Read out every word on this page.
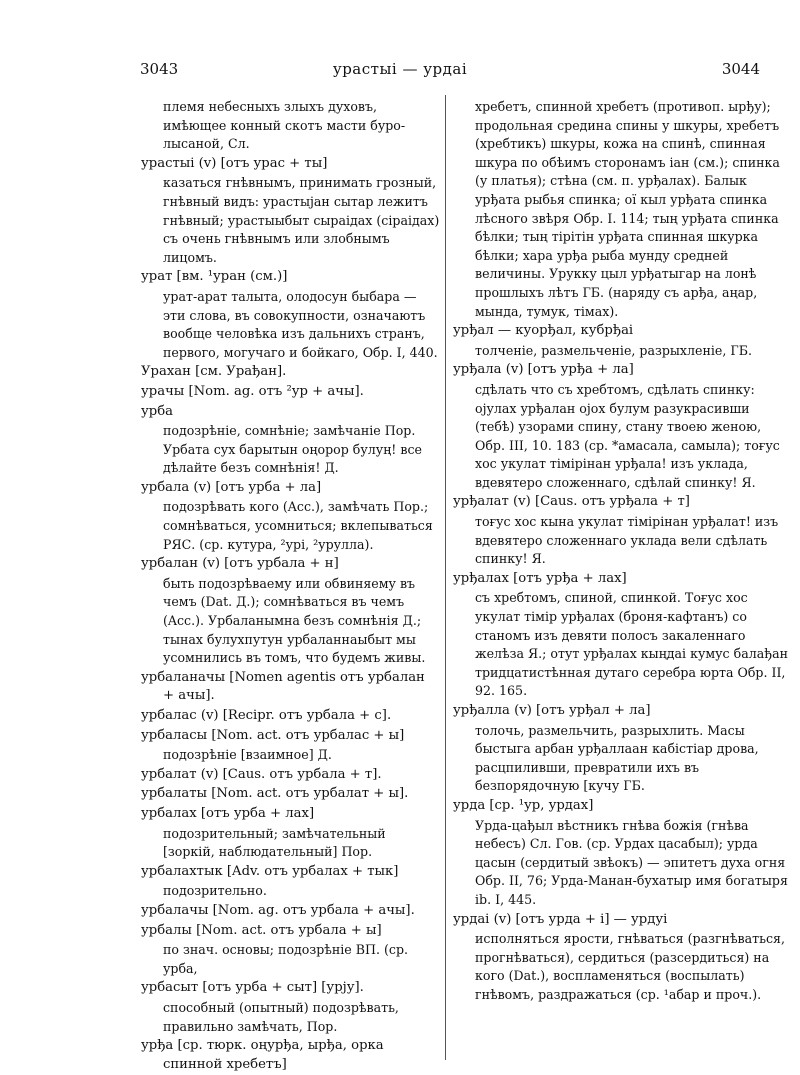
3043	урастыі — урдаі	3044
племя небесныхъ злыхъ духовъ, имѣющее конный скотъ масти буро-лысаной, Сл.
урастыі (v) [отъ урас + ты]
казаться гнѣвнымъ, принимать грозный, гнѣвный видъ: урастыјан сытар лежитъ гнѣвный; урастыыбыт сыраідах (сіраідах) съ очень гнѣвнымъ или злобнымъ лицомъ.
урат [вм. ¹уран (см.)]
урат-арат талыта, олодосун быбара — эти слова, въ совокупности, означаютъ вообще человѣка изъ дальнихъ странъ, первого, могучаго и бойкаго, Обр. І, 440.
Урахан [см. Урађан].
урачы [Nom. ag. отъ ²ур + ачы].
урба
подозрѣніе, сомнѣніе; замѣчаніе Пор. Урбата сух барытын оңорор булуң! все дѣлайте безъ сомнѣнія! Д.
урбала (v) [отъ урба + ла]
подозрѣвать кого (Acc.), замѣчать Пор.; сомнѣваться, усомниться; вклепываться РЯС. (ср. кутура, ²урі, ²урулла).
урбалан (v) [отъ урбала + н]
быть подозрѣваему или обвиняему въ чемъ (Dat. Д.); сомнѣваться въ чемъ (Acc.). Урбаланымна безъ сомнѣнія Д.; тынах булухпутун урбаланнаыбыт мы усомнились въ томъ, что будемъ живы.
урбаланачы [Nomen agentis отъ урбалан + ачы].
урбалас (v) [Recipr. отъ урбала + с].
урбаласы [Nom. act. отъ урбалас + ы]
подозрѣніе [взаимное] Д.
урбалат (v) [Caus. отъ урбала + т].
урбалаты [Nom. act. отъ урбалат + ы].
урбалах [отъ урба + лах]
подозрительный; замѣчательный [зоркій, наблюдательный] Пор.
урбалахтык [Adv. отъ урбалах + тык]
подозрительно.
урбалачы [Nom. ag. отъ урбала + ачы].
урбалы [Nom. act. отъ урбала + ы]
по знач. основы; подозрѣніе ВП. (ср. урба,
урбасыт [отъ урба + сыт] [урју].
способный (опытный) подозрѣвать, правильно замѣчать, Пор.
урђа [ср. тюрк. оңурђа, ырђа, орка спинной хребетъ]
хребетъ, спинной хребетъ (противоп. ырђу); продольная средина спины у шкуры, хребетъ (хребтикъ) шкуры, кожа на спинѣ, спинная шкура по обѣимъ сторонамъ іан (см.); спинка (у платья); стѣна (см. п. урђалах). Балык урђата рыбья спинка; ої кыл урђата спинка лѣсного звѣря Обр. І. 114; тың урђата спинка бѣлки; тың тірітін урђата спинная шкурка бѣлки; хара урђа рыба мунду средней величины. Урукку цыл урђатыгар на лонѣ прошлыхъ лѣтъ ГБ. (наряду съ арђа, аңар, мында, тумук, тімах).
урђал — куорђал, кубрђаі
толченіе, размельченіе, разрыхленіе, ГБ.
урђала (v) [отъ урђа + ла]
сдѣлать что съ хребтомъ, сдѣлать спинку: ојулах урђалан ојох булум разукрасивши (тебѣ) узорами спину, стану твоею женою, Обр. ІІІ, 10. 183 (ср. *амасала, самыла); тоғус хос укулат тімірінан урђала! изъ уклада, вдевятеро сложеннаго, сдѣлай спинку! Я.
урђалат (v) [Caus. отъ урђала + т]
тоғус хос кына укулат тімірінан урђалат! изъ вдевятеро сложеннаго уклада вели сдѣлать спинку! Я.
урђалах [отъ урђа + лах]
съ хребтомъ, спиной, спинкой. Тоғус хос укулат тімір урђалах (броня-кафтанъ) со станомъ изъ девяти полосъ закаленнаго желѣза Я.; отут урђалах кыңдаі кумус балађан тридцатистѣнная дутаго серебра юрта Обр. ІІ, 92. 165.
урђалла (v) [отъ урђал + ла]
толочь, размельчить, разрыхлить. Масы быстыга арбан урђаллаан кабістіар дрова, расцпиливши, превратили ихъ въ безпорядочную [кучу ГБ.
урда [ср. ¹ур, урдах]
Урда-цађыл вѣстникъ гнѣва божія (гнѣва небесъ) Сл. Гов. (ср. Урдах цасабыл); урда цасын (сердитый звѣокъ) — эпитетъ духа огня Обр. ІІ, 76; Урда-Манан-бухатыр имя богатыря ib. І, 445.
урдаі (v) [отъ урда + і] — урдуі
исполняться ярости, гнѣваться (разгнѣваться, прогнѣваться), сердиться (разсердиться) на кого (Dat.), воспламеняться (воспылать) гнѣвомъ, раздражаться (ср. ¹абар и проч.).
